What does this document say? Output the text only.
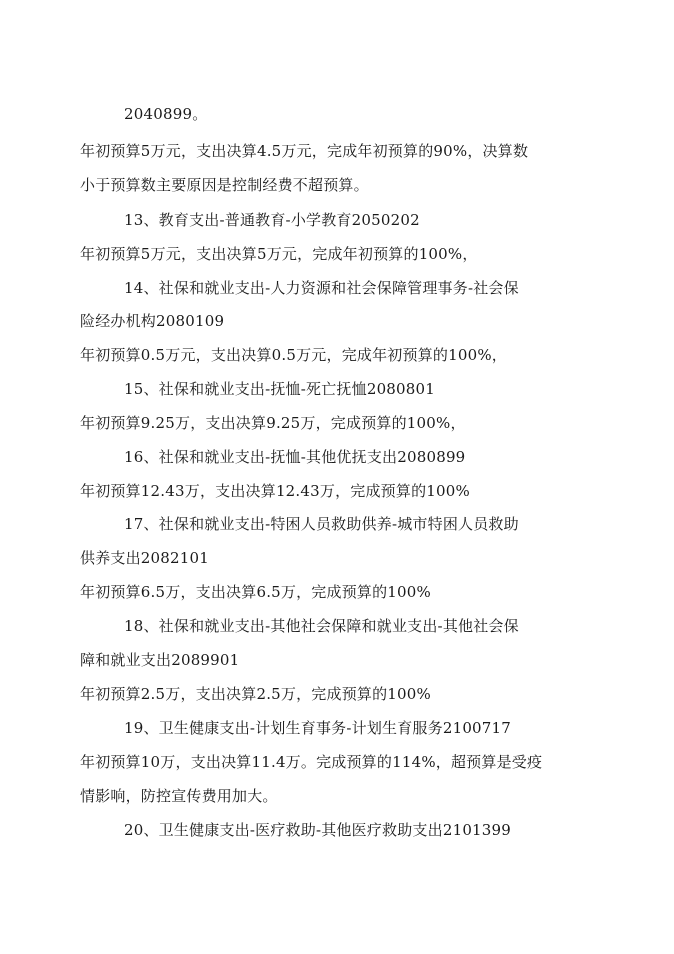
2040899。
年初预算5万元，支出决算4.5万元，完成年初预算的90%，决算数
小于预算数主要原因是控制经费不超预算。
13、教育支出-普通教育-小学教育2050202
年初预算5万元，支出决算5万元，完成年初预算的100%，
14、社保和就业支出-人力资源和社会保障管理事务-社会保
险经办机构2080109
年初预算0.5万元，支出决算0.5万元，完成年初预算的100%，
15、社保和就业支出-抚恤-死亡抚恤2080801
年初预算9.25万，支出决算9.25万，完成预算的100%，
16、社保和就业支出-抚恤-其他优抚支出2080899
年初预算12.43万，支出决算12.43万，完成预算的100%
17、社保和就业支出-特困人员救助供养-城市特困人员救助
供养支出2082101
年初预算6.5万，支出决算6.5万，完成预算的100%
18、社保和就业支出-其他社会保障和就业支出-其他社会保
障和就业支出2089901
年初预算2.5万，支出决算2.5万，完成预算的100%
19、卫生健康支出-计划生育事务-计划生育服务2100717
年初预算10万，支出决算11.4万。完成预算的114%，超预算是受疫
情影响，防控宣传费用加大。
20、卫生健康支出-医疗救助-其他医疗救助支出2101399
